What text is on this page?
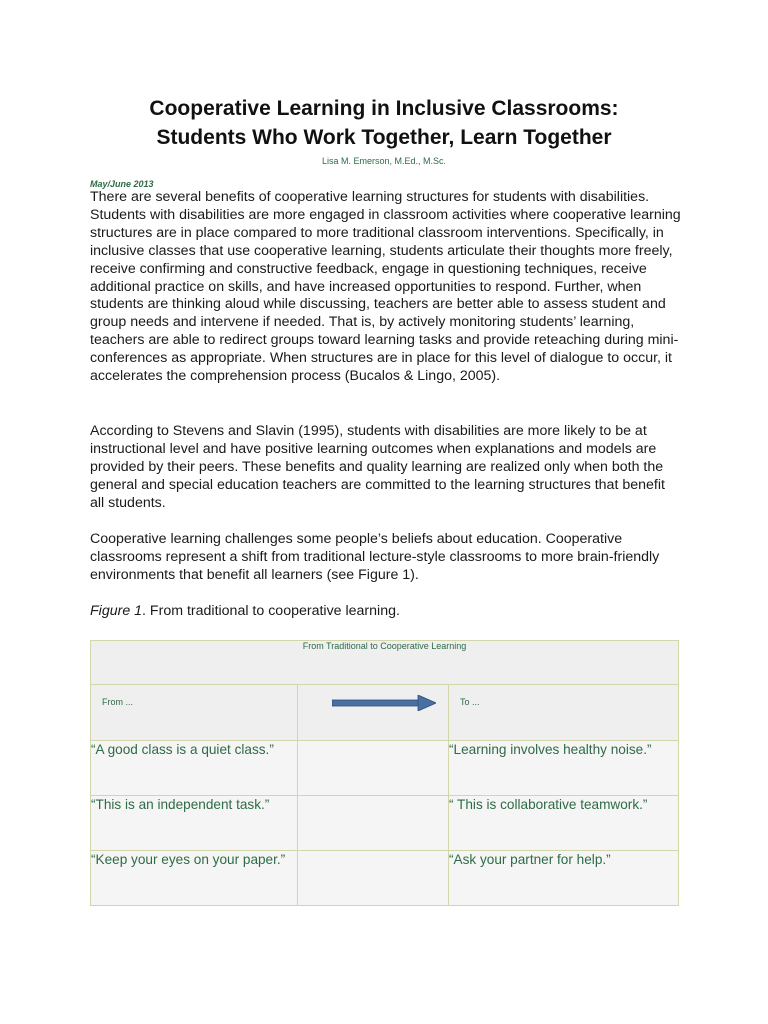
Cooperative Learning in Inclusive Classrooms:
Students Who Work Together, Learn Together
Lisa M. Emerson, M.Ed., M.Sc.
May/June 2013

There are several benefits of cooperative learning structures for students with disabilities. Students with disabilities are more engaged in classroom activities where cooperative learning structures are in place compared to more traditional classroom interventions. Specifically, in inclusive classes that use cooperative learning, students articulate their thoughts more freely, receive confirming and constructive feedback, engage in questioning techniques, receive additional practice on skills, and have increased opportunities to respond. Further, when students are thinking aloud while discussing, teachers are better able to assess student and group needs and intervene if needed. That is, by actively monitoring students’ learning, teachers are able to redirect groups toward learning tasks and provide reteaching during mini-conferences as appropriate. When structures are in place for this level of dialogue to occur, it accelerates the comprehension process (Bucalos & Lingo, 2005).

According to Stevens and Slavin (1995), students with disabilities are more likely to be at instructional level and have positive learning outcomes when explanations and models are provided by their peers. These benefits and quality learning are realized only when both the general and special education teachers are committed to the learning structures that benefit all students.

Cooperative learning challenges some people’s beliefs about education. Cooperative classrooms represent a shift from traditional lecture-style classrooms to more brain-friendly environments that benefit all learners (see Figure 1).

Figure 1. From traditional to cooperative learning.

From Traditional to Cooperative Learning		
From ...		To ...
“A good class is a quiet class.”		“Learning involves healthy noise.”
“This is an independent task.”		“ This is collaborative teamwork.”
“Keep your eyes on your paper.”		“Ask your partner for help.”
